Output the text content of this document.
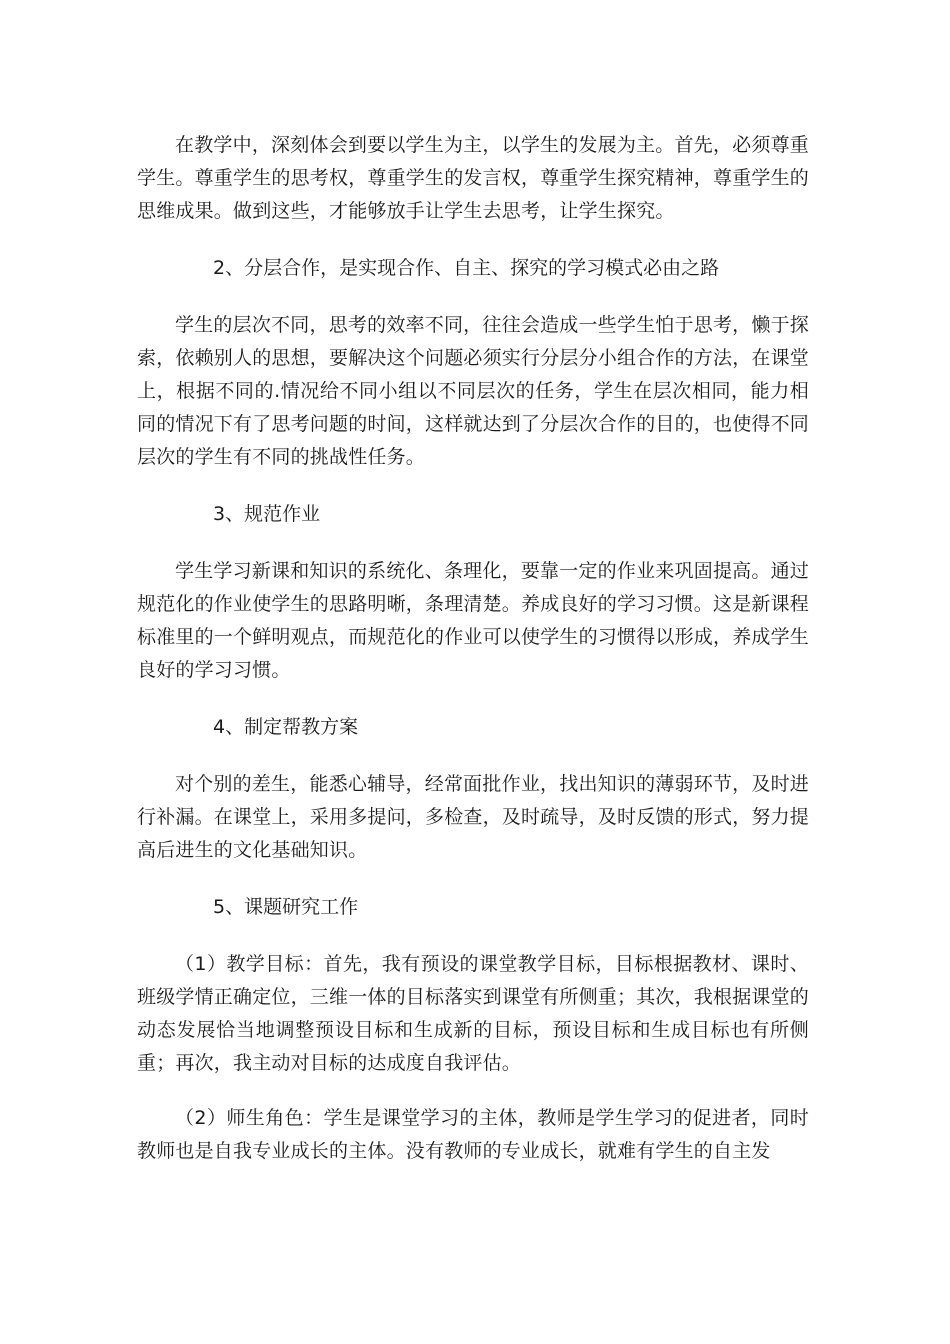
在教学中，深刻体会到要以学生为主，以学生的发展为主。首先，必须尊重学生。尊重学生的思考权，尊重学生的发言权，尊重学生探究精神，尊重学生的思维成果。做到这些，才能够放手让学生去思考，让学生探究。

2、分层合作，是实现合作、自主、探究的学习模式必由之路

学生的层次不同，思考的效率不同，往往会造成一些学生怕于思考，懒于探索，依赖别人的思想，要解决这个问题必须实行分层分小组合作的方法，在课堂上，根据不同的.情况给不同小组以不同层次的任务，学生在层次相同，能力相同的情况下有了思考问题的时间，这样就达到了分层次合作的目的，也使得不同层次的学生有不同的挑战性任务。

3、规范作业

学生学习新课和知识的系统化、条理化，要靠一定的作业来巩固提高。通过规范化的作业使学生的思路明晰，条理清楚。养成良好的学习习惯。这是新课程标准里的一个鲜明观点，而规范化的作业可以使学生的习惯得以形成，养成学生良好的学习习惯。

4、制定帮教方案

对个别的差生，能悉心辅导，经常面批作业，找出知识的薄弱环节，及时进行补漏。在课堂上，采用多提问，多检查，及时疏导，及时反馈的形式，努力提高后进生的文化基础知识。

5、课题研究工作

（1）教学目标：首先，我有预设的课堂教学目标，目标根据教材、课时、班级学情正确定位，三维一体的目标落实到课堂有所侧重；其次，我根据课堂的动态发展恰当地调整预设目标和生成新的目标，预设目标和生成目标也有所侧重；再次，我主动对目标的达成度自我评估。

（2）师生角色：学生是课堂学习的主体，教师是学生学习的促进者，同时教师也是自我专业成长的主体。没有教师的专业成长，就难有学生的自主发
